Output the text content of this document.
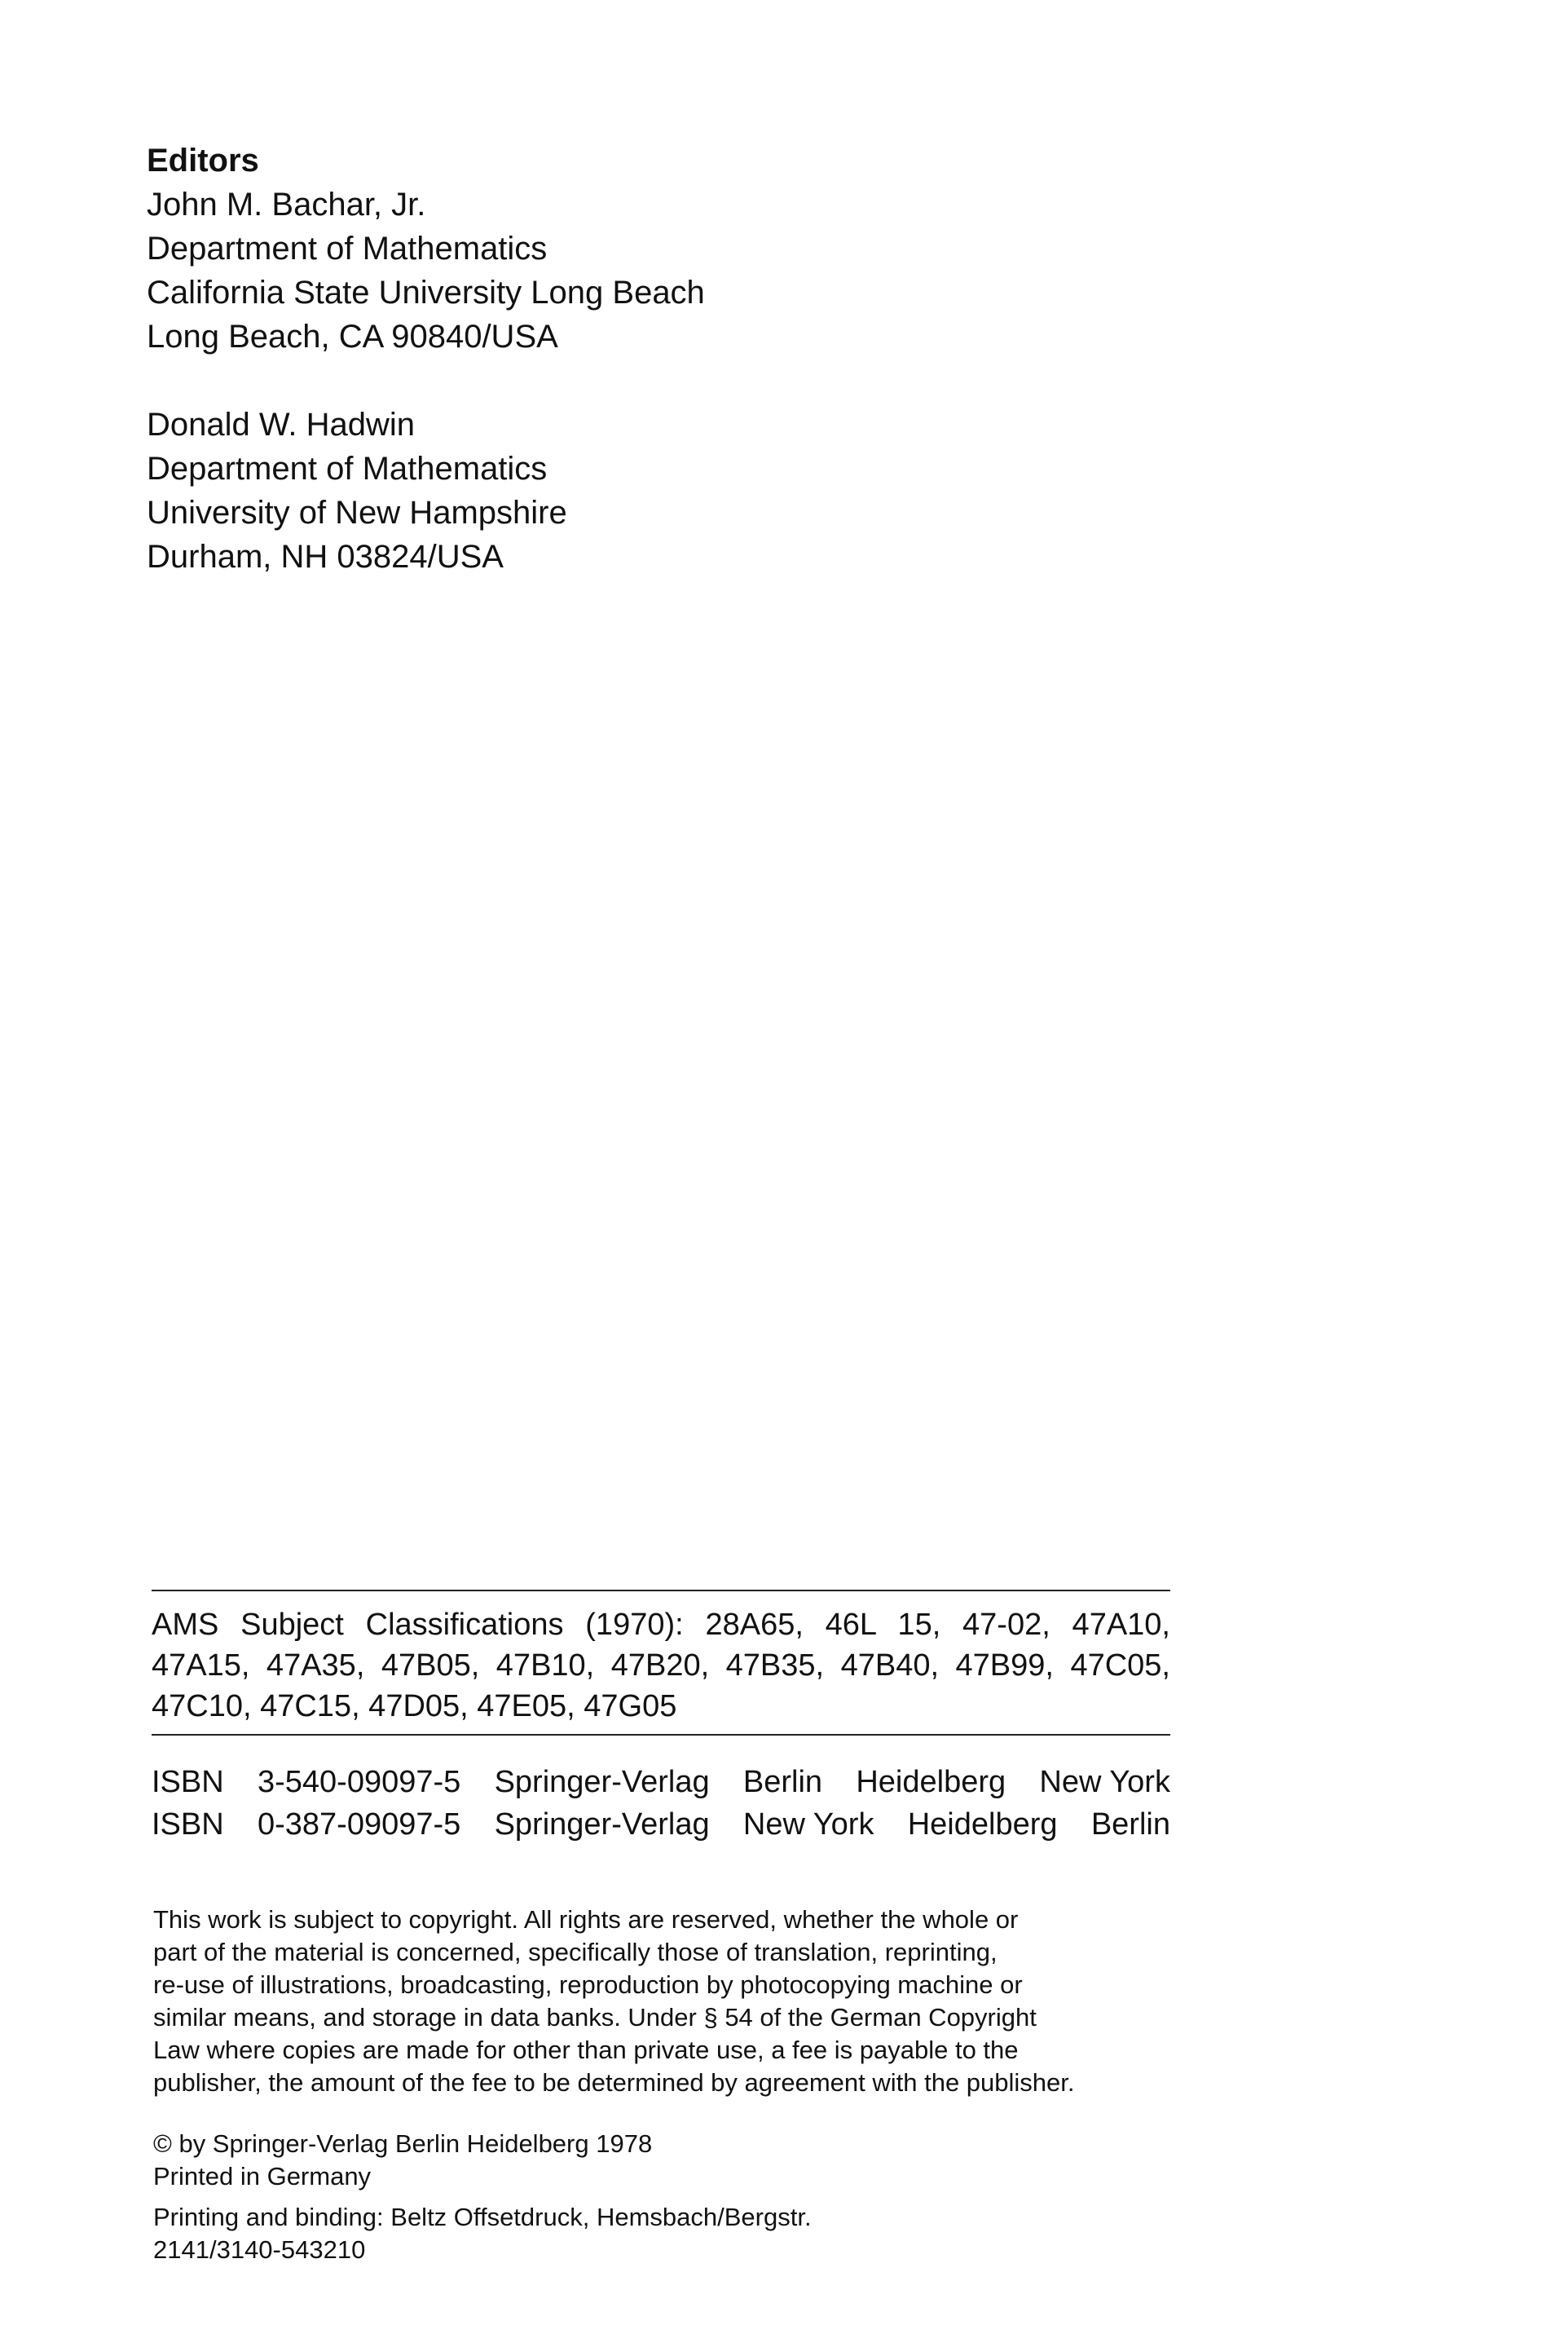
Editors
John M. Bachar, Jr.
Department of Mathematics
California State University Long Beach
Long Beach, CA 90840/USA
Donald W. Hadwin
Department of Mathematics
University of New Hampshire
Durham, NH 03824/USA

AMS Subject Classifications (1970): 28A65, 46L 15, 47-02, 47A10, 47A15, 47A35, 47B05, 47B10, 47B20, 47B35, 47B40, 47B99, 47C05, 47C10, 47C15, 47D05, 47E05, 47G05

ISBN 3-540-09097-5 Springer-Verlag Berlin Heidelberg New York
ISBN 0-387-09097-5 Springer-Verlag New York Heidelberg Berlin
This work is subject to copyright. All rights are reserved, whether the whole or
part of the material is concerned, specifically those of translation, reprinting,
re-use of illustrations, broadcasting, reproduction by photocopying machine or
similar means, and storage in data banks. Under § 54 of the German Copyright
Law where copies are made for other than private use, a fee is payable to the
publisher, the amount of the fee to be determined by agreement with the publisher.
© by Springer-Verlag Berlin Heidelberg 1978
Printed in Germany
Printing and binding: Beltz Offsetdruck, Hemsbach/Bergstr.
2141/3140-543210
